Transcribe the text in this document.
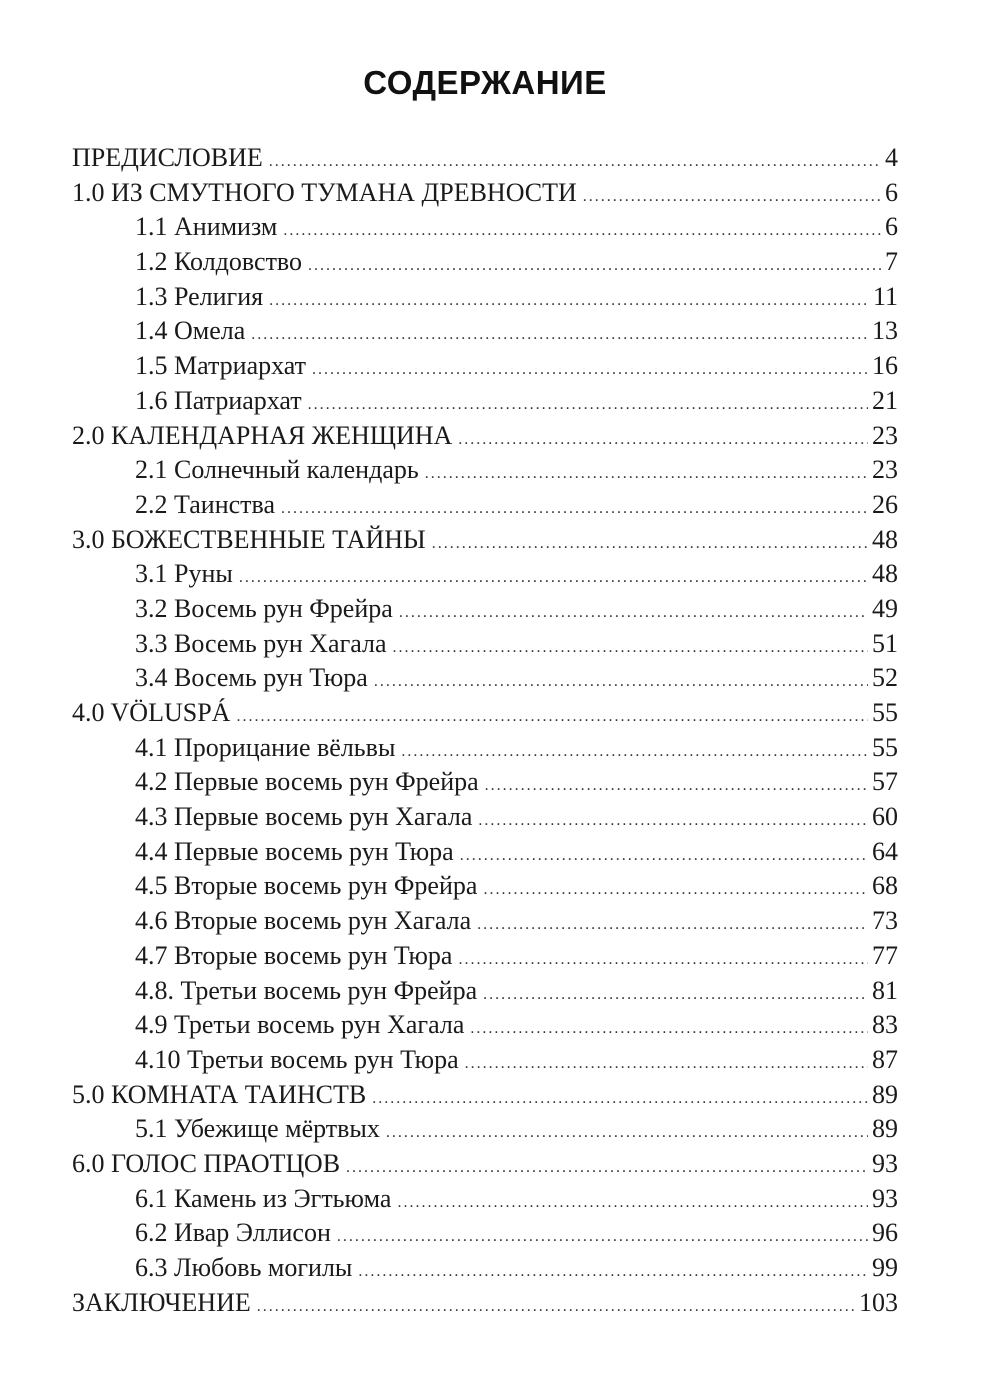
СОДЕРЖАНИЕ
ПРЕДИСЛОВИЕ .....	4
1.0 ИЗ СМУТНОГО ТУМАНА ДРЕВНОСТИ .....	6
1.1 Анимизм .....	6
1.2 Колдовство .....	7
1.3 Религия .....	11
1.4 Омела .....	13
1.5 Матриархат .....	16
1.6 Патриархат .....	21
2.0 КАЛЕНДАРНАЯ ЖЕНЩИНА .....	23
2.1 Солнечный календарь .....	23
2.2 Таинства .....	26
3.0 БОЖЕСТВЕННЫЕ ТАЙНЫ .....	48
3.1 Руны .....	48
3.2 Восемь рун Фрейра .....	49
3.3 Восемь рун Хагала .....	51
3.4 Восемь рун Тюра .....	52
4.0 VÖLUSPÁ .....	55
4.1 Прорицание вёльвы .....	55
4.2 Первые восемь рун Фрейра .....	57
4.3 Первые восемь рун Хагала .....	60
4.4 Первые восемь рун Тюра .....	64
4.5 Вторые восемь рун Фрейра .....	68
4.6 Вторые восемь рун Хагала .....	73
4.7 Вторые восемь рун Тюра .....	77
4.8. Третьи восемь рун Фрейра .....	81
4.9 Третьи восемь рун Хагала .....	83
4.10 Третьи восемь рун Тюра .....	87
5.0 КОМНАТА ТАИНСТВ .....	89
5.1 Убежище мёртвых .....	89
6.0 ГОЛОС ПРАОТЦОВ .....	93
6.1 Камень из Эгтьюма .....	93
6.2 Ивар Эллисон .....	96
6.3 Любовь могилы .....	99
ЗАКЛЮЧЕНИЕ .....	103
